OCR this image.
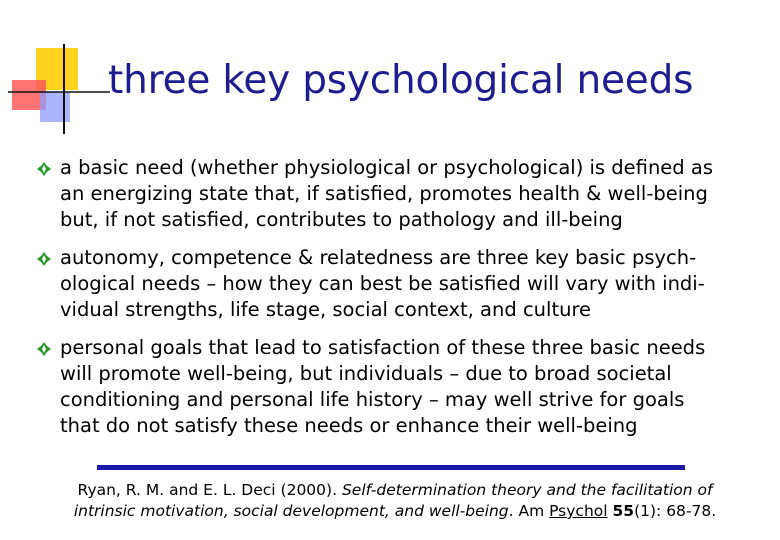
three key psychological needs
a basic need (whether physiological or psychological) is defined as
an energizing state that, if satisfied, promotes health & well-being
but, if not satisfied, contributes to pathology and ill-being
autonomy, competence & relatedness are three key basic psych-
ological needs – how they can best be satisfied will vary with indi-
vidual strengths, life stage, social context, and culture
personal goals that lead to satisfaction of these three basic needs
will promote well-being, but individuals – due to broad societal
conditioning and personal life history – may well strive for goals
that do not satisfy these needs or enhance their well-being
Ryan, R. M. and E. L. Deci (2000). Self-determination theory and the facilitation of
intrinsic motivation, social development, and well-being. Am Psychol 55(1): 68-78.
